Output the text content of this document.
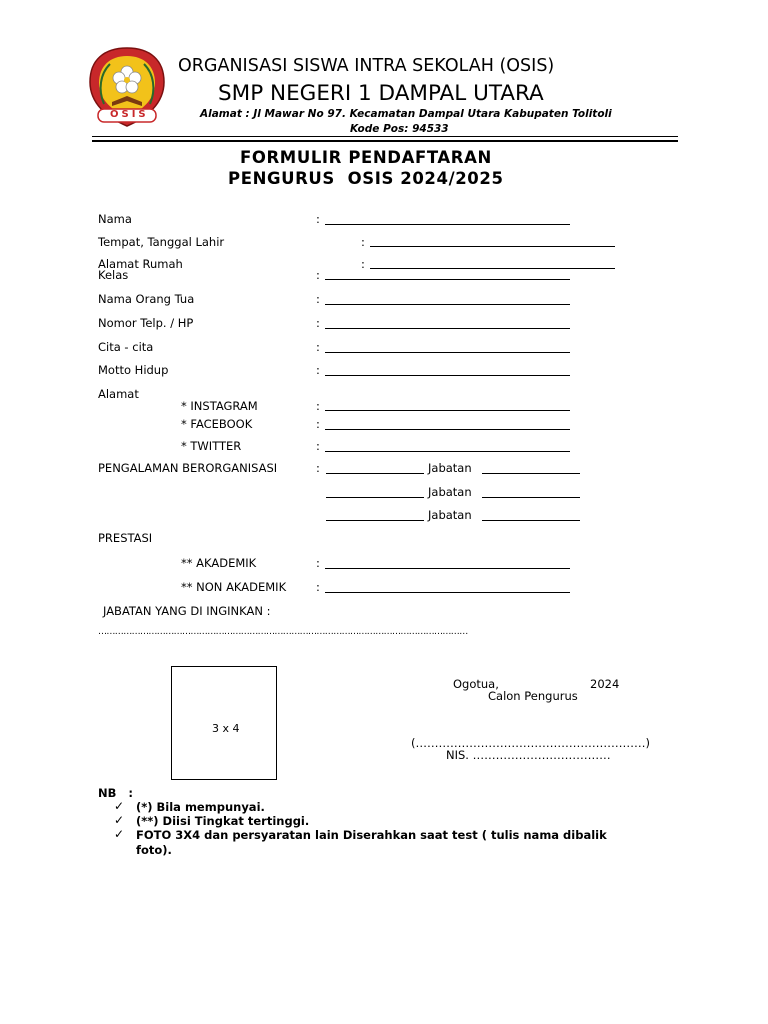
OSIS
ORGANISASI SISWA INTRA SEKOLAH (OSIS)
SMP NEGERI 1 DAMPAL UTARA
Alamat : Jl Mawar No 97. Kecamatan Dampal Utara Kabupaten Tolitoli
Kode Pos: 94533
FORMULIR PENDAFTARAN
PENGURUS  OSIS 2024/2025
Nama	:
Tempat, Tanggal Lahir	:
Alamat Rumah	:
Kelas	:
Nama Orang Tua	:
Nomor Telp. / HP	:
Cita - cita	:
Motto Hidup	:
Alamat
* INSTAGRAM	:
* FACEBOOK	:
* TWITTER	:
PENGALAMAN BERORGANISASI	:	Jabatan
Jabatan
Jabatan
PRESTASI
** AKADEMIK	:
** NON AKADEMIK	:
JABATAN YANG DI INGINKAN :
……………………………………………………………………………………………………………………
3 x 4
Ogotua,	2024
Calon Pengurus
(……………………………………………………)
NIS. ………………………………
NB   :
✓ (*) Bila mempunyai.
✓ (**) Diisi Tingkat tertinggi.
✓ FOTO 3X4 dan persyaratan lain Diserahkan saat test ( tulis nama dibalik
foto).
